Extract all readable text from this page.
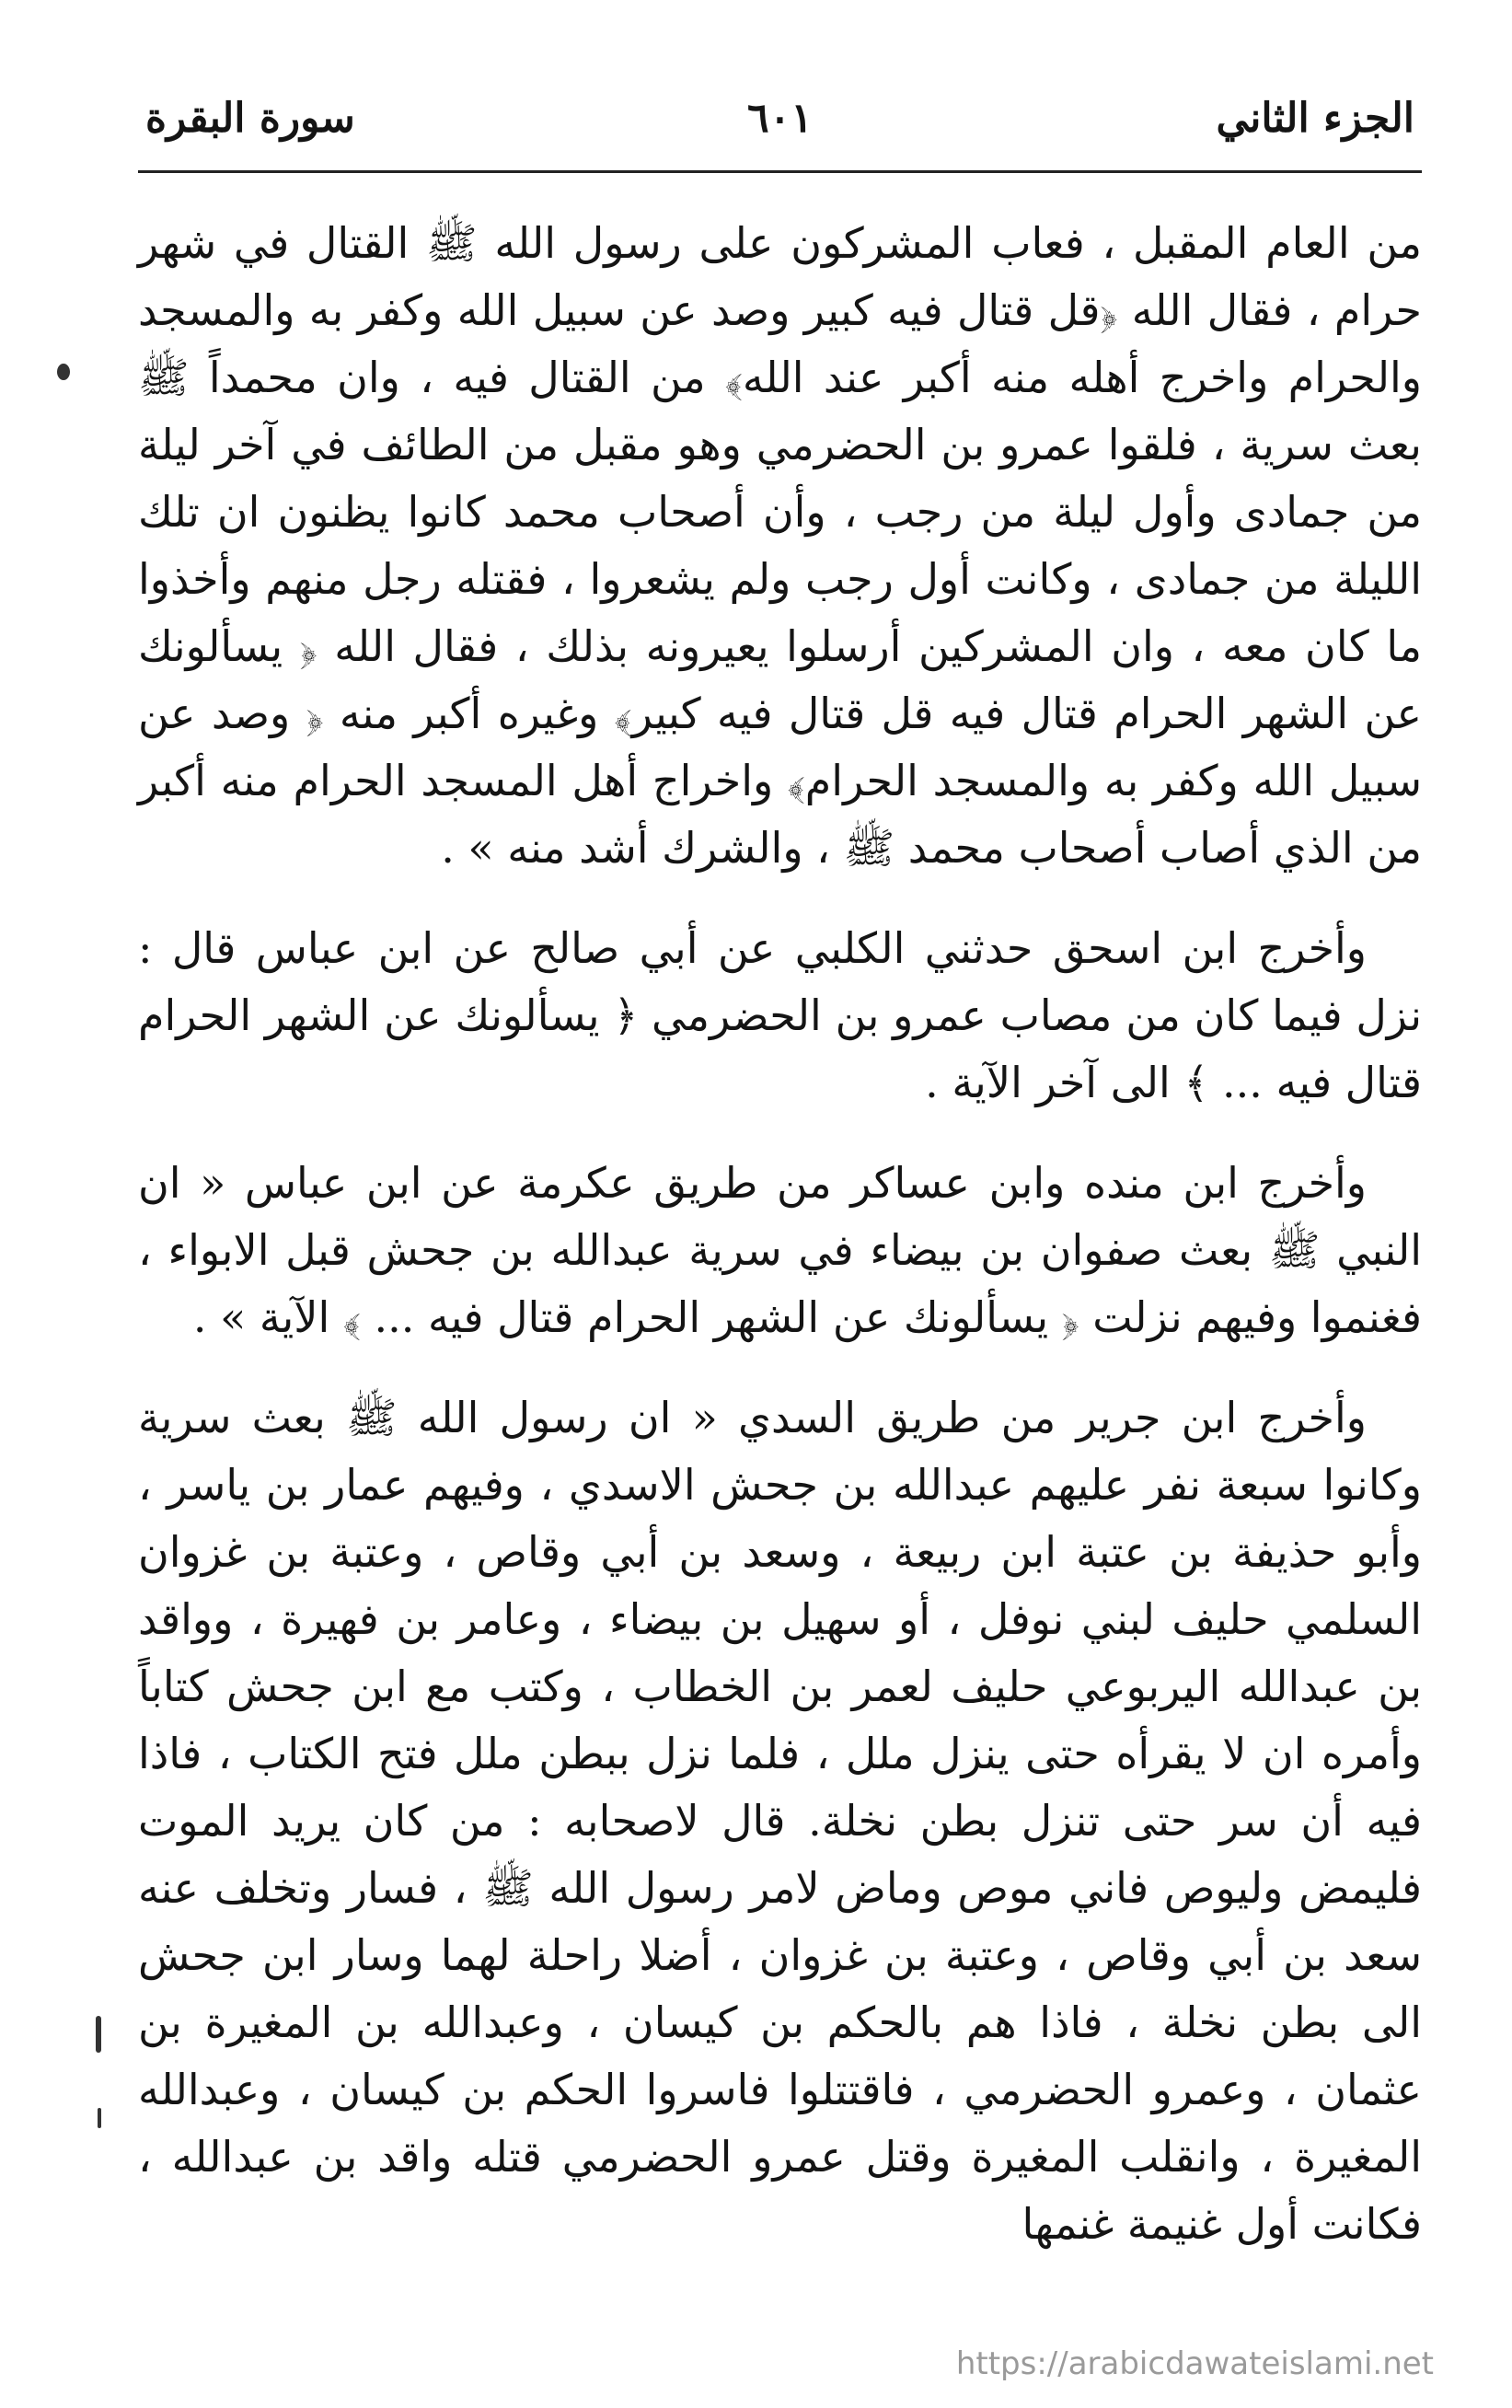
الجزء الثاني
٦٠١
سورة البقرة

من العام المقبل ، فعاب المشركون على رسول الله ﷺ القتال في شهر حرام ، فقال الله ﴿قل قتال فيه كبير وصد عن سبيل الله وكفر به والمسجد والحرام واخرج أهله منه أكبر عند الله﴾ من القتال فيه ، وان محمداً ﷺ بعث سرية ، فلقوا عمرو بن الحضرمي وهو مقبل من الطائف في آخر ليلة من جمادى وأول ليلة من رجب ، وأن أصحاب محمد كانوا يظنون ان تلك الليلة من جمادى ، وكانت أول رجب ولم يشعروا ، فقتله رجل منهم وأخذوا ما كان معه ، وان المشركين أرسلوا يعيرونه بذلك ، فقال الله ﴿ يسألونك عن الشهر الحرام قتال فيه قل قتال فيه كبير﴾ وغيره أكبر منه ﴿ وصد عن سبيل الله وكفر به والمسجد الحرام﴾ واخراج أهل المسجد الحرام منه أكبر من الذي أصاب أصحاب محمد ﷺ ، والشرك أشد منه » .

وأخرج ابن اسحق حدثني الكلبي عن أبي صالح عن ابن عباس قال : نزل فيما كان من مصاب عمرو بن الحضرمي ﴿ يسألونك عن الشهر الحرام قتال فيه ... ﴾ الى آخر الآية .

وأخرج ابن منده وابن عساكر من طريق عكرمة عن ابن عباس « ان النبي ﷺ بعث صفوان بن بيضاء في سرية عبدالله بن جحش قبل الابواء ، فغنموا وفيهم نزلت ﴿ يسألونك عن الشهر الحرام قتال فيه ... ﴾ الآية » .

وأخرج ابن جرير من طريق السدي « ان رسول الله ﷺ بعث سرية وكانوا سبعة نفر عليهم عبدالله بن جحش الاسدي ، وفيهم عمار بن ياسر ، وأبو حذيفة بن عتبة ابن ربيعة ، وسعد بن أبي وقاص ، وعتبة بن غزوان السلمي حليف لبني نوفل ، أو سهيل بن بيضاء ، وعامر بن فهيرة ، وواقد بن عبدالله اليربوعي حليف لعمر بن الخطاب ، وكتب مع ابن جحش كتاباً وأمره ان لا يقرأه حتى ينزل ملل ، فلما نزل ببطن ملل فتح الكتاب ، فاذا فيه أن سر حتى تنزل بطن نخلة. قال لاصحابه : من كان يريد الموت فليمض وليوص فاني موص وماض لامر رسول الله ﷺ ، فسار وتخلف عنه سعد بن أبي وقاص ، وعتبة بن غزوان ، أضلا راحلة لهما وسار ابن جحش الى بطن نخلة ، فاذا هم بالحكم بن كيسان ، وعبدالله بن المغيرة بن عثمان ، وعمرو الحضرمي ، فاقتتلوا فاسروا الحكم بن كيسان ، وعبدالله المغيرة ، وانقلب المغيرة وقتل عمرو الحضرمي قتله واقد بن عبدالله ، فكانت أول غنيمة غنمها

https://arabicdawateislami.net
